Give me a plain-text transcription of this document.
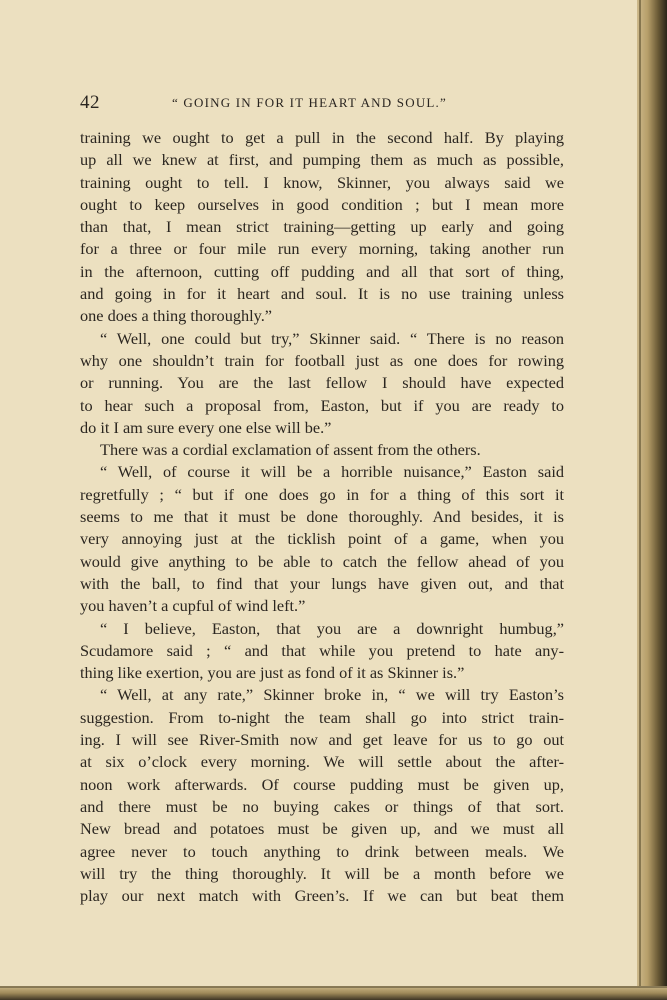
42	“ GOING IN FOR IT HEART AND SOUL.”
training we ought to get a pull in the second half. By playing
up all we knew at first, and pumping them as much as possible,
training ought to tell. I know, Skinner, you always said we
ought to keep ourselves in good condition ; but I mean more
than that, I mean strict training—getting up early and going
for a three or four mile run every morning, taking another run
in the afternoon, cutting off pudding and all that sort of thing,
and going in for it heart and soul. It is no use training unless
one does a thing thoroughly.”
“ Well, one could but try,” Skinner said. “ There is no reason
why one shouldn’t train for football just as one does for rowing
or running. You are the last fellow I should have expected
to hear such a proposal from, Easton, but if you are ready to
do it I am sure every one else will be.”
There was a cordial exclamation of assent from the others.
“ Well, of course it will be a horrible nuisance,” Easton said
regretfully ; “ but if one does go in for a thing of this sort it
seems to me that it must be done thoroughly. And besides, it is
very annoying just at the ticklish point of a game, when you
would give anything to be able to catch the fellow ahead of you
with the ball, to find that your lungs have given out, and that
you haven’t a cupful of wind left.”
“ I believe, Easton, that you are a downright humbug,”
Scudamore said ; “ and that while you pretend to hate any-
thing like exertion, you are just as fond of it as Skinner is.”
“ Well, at any rate,” Skinner broke in, “ we will try Easton’s
suggestion. From to-night the team shall go into strict train-
ing. I will see River-Smith now and get leave for us to go out
at six o’clock every morning. We will settle about the after-
noon work afterwards. Of course pudding must be given up,
and there must be no buying cakes or things of that sort.
New bread and potatoes must be given up, and we must all
agree never to touch anything to drink between meals. We
will try the thing thoroughly. It will be a month before we
play our next match with Green’s. If we can but beat them
